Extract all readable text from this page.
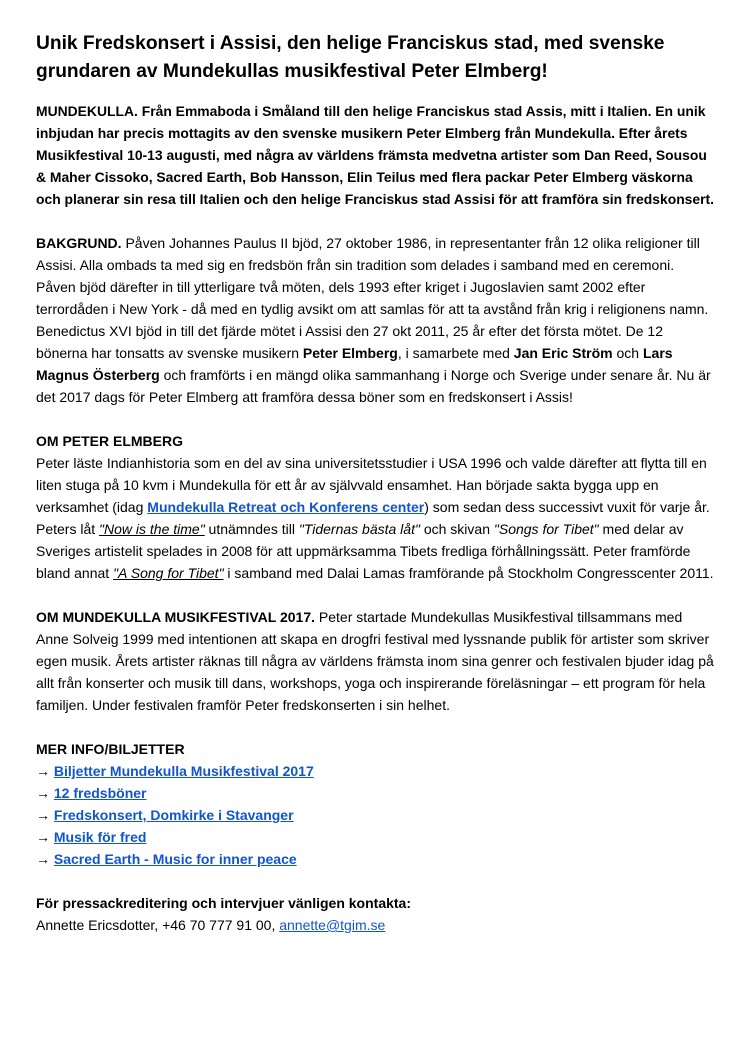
Unik Fredskonsert i Assisi, den helige Franciskus stad, med svenske grundaren av Mundekullas musikfestival Peter Elmberg!

MUNDEKULLA. Från Emmaboda i Småland till den helige Franciskus stad Assis, mitt i Italien. En unik inbjudan har precis mottagits av den svenske musikern Peter Elmberg från Mundekulla. Efter årets Musikfestival 10-13 augusti, med några av världens främsta medvetna artister som Dan Reed, Sousou & Maher Cissoko, Sacred Earth, Bob Hansson, Elin Teilus med flera packar Peter Elmberg väskorna och planerar sin resa till Italien och den helige Franciskus stad Assisi för att framföra sin fredskonsert.

BAKGRUND. Påven Johannes Paulus II bjöd, 27 oktober 1986, in representanter från 12 olika religioner till Assisi. Alla ombads ta med sig en fredsbön från sin tradition som delades i samband med en ceremoni. Påven bjöd därefter in till ytterligare två möten, dels 1993 efter kriget i Jugoslavien samt 2002 efter terrordåden i New York - då med en tydlig avsikt om att samlas för att ta avstånd från krig i religionens namn. Benedictus XVI bjöd in till det fjärde mötet i Assisi den 27 okt 2011, 25 år efter det första mötet. De 12 bönerna har tonsatts av svenske musikern Peter Elmberg, i samarbete med Jan Eric Ström och Lars Magnus Österberg och framförts i en mängd olika sammanhang i Norge och Sverige under senare år. Nu är det 2017 dags för Peter Elmberg att framföra dessa böner som en fredskonsert i Assis!

OM PETER ELMBERG

Peter läste Indianhistoria som en del av sina universitetsstudier i USA 1996 och valde därefter att flytta till en liten stuga på 10 kvm i Mundekulla för ett år av självvald ensamhet. Han började sakta bygga upp en verksamhet (idag Mundekulla Retreat och Konferens center) som sedan dess successivt vuxit för varje år. Peters låt "Now is the time" utnämndes till "Tidernas bästa låt" och skivan "Songs for Tibet" med delar av Sveriges artistelit spelades in 2008 för att uppmärksamma Tibets fredliga förhållningssätt. Peter framförde bland annat "A Song for Tibet" i samband med Dalai Lamas framförande på Stockholm Congresscenter 2011.

OM MUNDEKULLA MUSIKFESTIVAL 2017. Peter startade Mundekullas Musikfestival tillsammans med Anne Solveig 1999 med intentionen att skapa en drogfri festival med lyssnande publik för artister som skriver egen musik. Årets artister räknas till några av världens främsta inom sina genrer och festivalen bjuder idag på allt från konserter och musik till dans, workshops, yoga och inspirerande föreläsningar – ett program för hela familjen. Under festivalen framför Peter fredskonserten i sin helhet.

MER INFO/BILJETTER

→ Biljetter Mundekulla Musikfestival 2017
→ 12 fredsböner
→ Fredskonsert, Domkirke i Stavanger
→ Musik för fred
→ Sacred Earth - Music for inner peace

För pressackreditering och intervjuer vänligen kontakta:

Annette Ericsdotter, +46 70 777 91 00, annette@tgim.se
